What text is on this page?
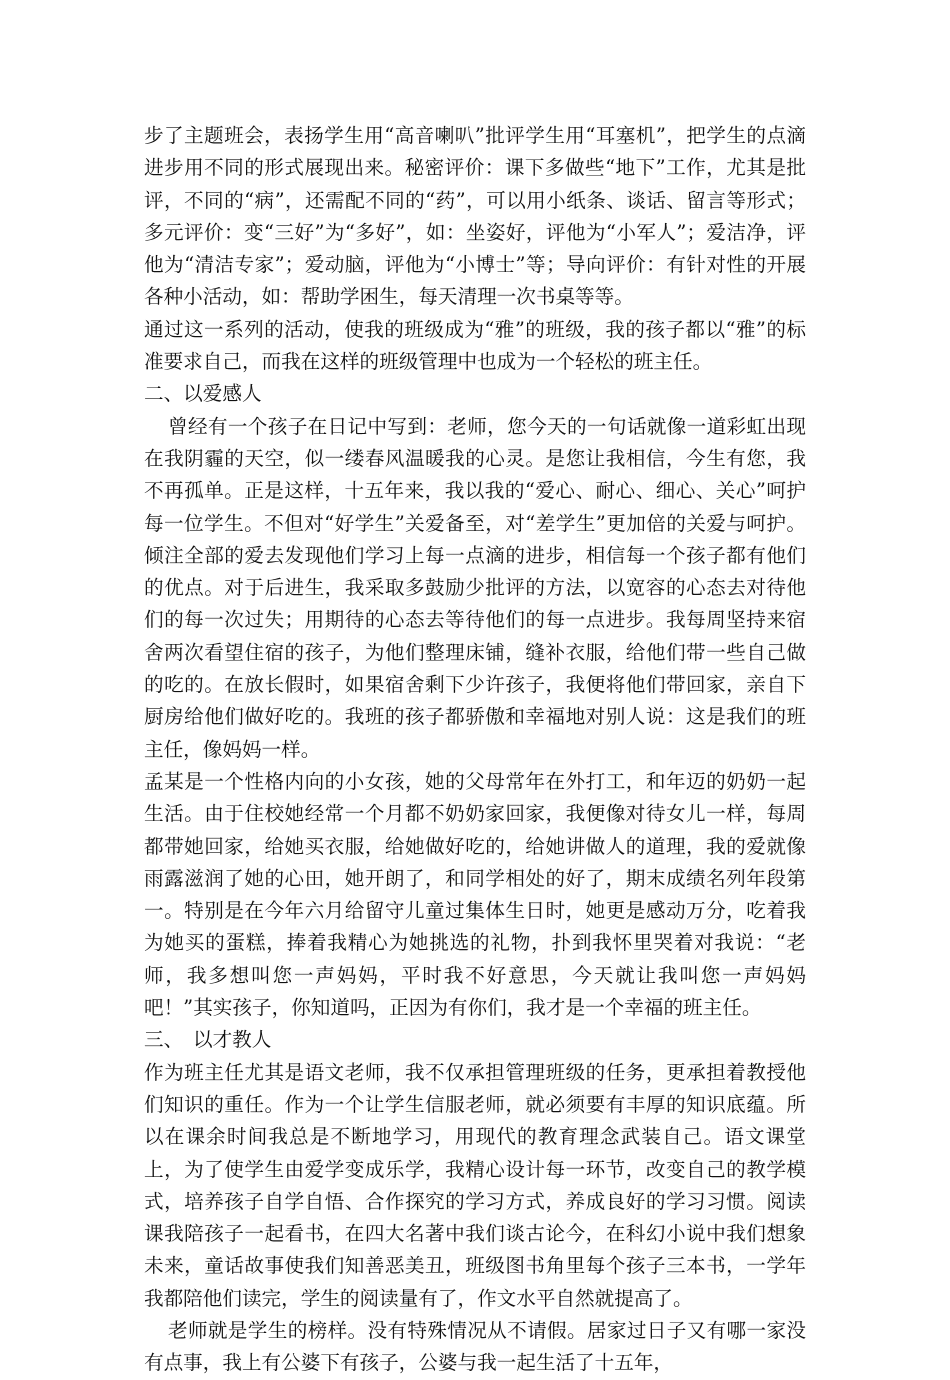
步了主题班会，表扬学生用“高音喇叭”批评学生用“耳塞机”，把学生的点滴进步用不同的形式展现出来。秘密评价：课下多做些“地下”工作，尤其是批评，不同的“病”，还需配不同的“药”，可以用小纸条、谈话、留言等形式；多元评价：变“三好”为“多好”，如：坐姿好，评他为“小军人”；爱洁净，评他为“清洁专家”；爱动脑，评他为“小博士”等；导向评价：有针对性的开展各种小活动，如：帮助学困生，每天清理一次书桌等等。

通过这一系列的活动，使我的班级成为“雅”的班级，我的孩子都以“雅”的标准要求自己，而我在这样的班级管理中也成为一个轻松的班主任。

二、以爱感人

曾经有一个孩子在日记中写到：老师，您今天的一句话就像一道彩虹出现在我阴霾的天空，似一缕春风温暖我的心灵。是您让我相信，今生有您，我不再孤单。正是这样，十五年来，我以我的“爱心、耐心、细心、关心”呵护每一位学生。不但对“好学生”关爱备至，对“差学生”更加倍的关爱与呵护。倾注全部的爱去发现他们学习上每一点滴的进步，相信每一个孩子都有他们的优点。对于后进生，我采取多鼓励少批评的方法，以宽容的心态去对待他们的每一次过失；用期待的心态去等待他们的每一点进步。我每周坚持来宿舍两次看望住宿的孩子，为他们整理床铺，缝补衣服，给他们带一些自己做的吃的。在放长假时，如果宿舍剩下少许孩子，我便将他们带回家，亲自下厨房给他们做好吃的。我班的孩子都骄傲和幸福地对别人说：这是我们的班主任，像妈妈一样。

孟某是一个性格内向的小女孩，她的父母常年在外打工，和年迈的奶奶一起生活。由于住校她经常一个月都不奶奶家回家，我便像对待女儿一样，每周都带她回家，给她买衣服，给她做好吃的，给她讲做人的道理，我的爱就像雨露滋润了她的心田，她开朗了，和同学相处的好了，期末成绩名列年段第一。特别是在今年六月给留守儿童过集体生日时，她更是感动万分，吃着我为她买的蛋糕，捧着我精心为她挑选的礼物，扑到我怀里哭着对我说：“老师，我多想叫您一声妈妈，平时我不好意思，今天就让我叫您一声妈妈吧！”其实孩子，你知道吗，正因为有你们，我才是一个幸福的班主任。

三、　以才教人

作为班主任尤其是语文老师，我不仅承担管理班级的任务，更承担着教授他们知识的重任。作为一个让学生信服老师，就必须要有丰厚的知识底蕴。所以在课余时间我总是不断地学习，用现代的教育理念武装自己。语文课堂上，为了使学生由爱学变成乐学，我精心设计每一环节，改变自己的教学模式，培养孩子自学自悟、合作探究的学习方式，养成良好的学习习惯。阅读课我陪孩子一起看书，在四大名著中我们谈古论今，在科幻小说中我们想象未来，童话故事使我们知善恶美丑，班级图书角里每个孩子三本书，一学年我都陪他们读完，学生的阅读量有了，作文水平自然就提高了。

老师就是学生的榜样。没有特殊情况从不请假。居家过日子又有哪一家没有点事，我上有公婆下有孩子，公婆与我一起生活了十五年，
